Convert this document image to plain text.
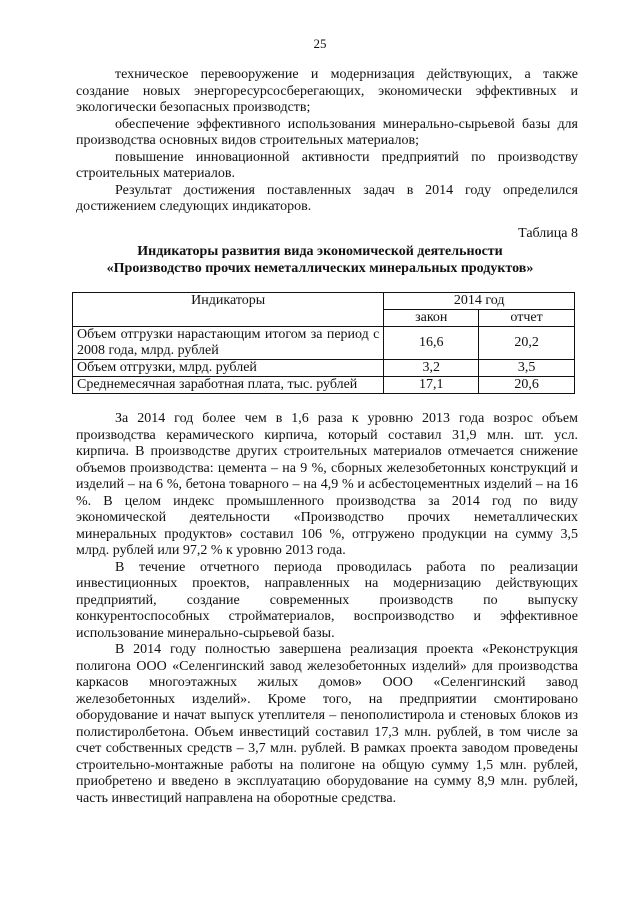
25

техническое перевооружение и модернизация действующих, а также создание новых энергоресурсосберегающих, экономически эффективных и экологически безопасных производств;

обеспечение эффективного использования минерально-сырьевой базы для производства основных видов строительных материалов;

повышение инновационной активности предприятий по производству строительных материалов.

Результат достижения поставленных задач в 2014 году определился достижением следующих индикаторов.

Таблица 8
Индикаторы развития вида экономической деятельности
«Производство прочих неметаллических минеральных продуктов»
Индикаторы	2014 год	
	закон	отчет
Объем отгрузки нарастающим итогом за период с 2008 года, млрд. рублей	16,6	20,2
Объем отгрузки, млрд. рублей	3,2	3,5
Среднемесячная заработная плата, тыс. рублей	17,1	20,6

За 2014 год более чем в 1,6 раза к уровню 2013 года возрос объем производства керамического кирпича, который составил 31,9 млн. шт. усл. кирпича. В производстве других строительных материалов отмечается снижение объемов производства: цемента – на 9 %, сборных железобетонных конструкций и изделий – на 6 %, бетона товарного – на 4,9 % и асбестоцементных изделий – на 16 %. В целом индекс промышленного производства за 2014 год по виду экономической деятельности «Производство прочих неметаллических минеральных продуктов» составил 106 %, отгружено продукции на сумму 3,5 млрд. рублей или 97,2 % к уровню 2013 года.

В течение отчетного периода проводилась работа по реализации инвестиционных проектов, направленных на модернизацию действующих предприятий, создание современных производств по выпуску конкурентоспособных стройматериалов, воспроизводство и эффективное использование минерально-сырьевой базы.

В 2014 году полностью завершена реализация проекта «Реконструкция полигона ООО «Селенгинский завод железобетонных изделий» для производства каркасов многоэтажных жилых домов» ООО «Селенгинский завод железобетонных изделий». Кроме того, на предприятии смонтировано оборудование и начат выпуск утеплителя – пенополистирола и стеновых блоков из полистиролбетона. Объем инвестиций составил 17,3 млн. рублей, в том числе за счет собственных средств – 3,7 млн. рублей. В рамках проекта заводом проведены строительно-монтажные работы на полигоне на общую сумму 1,5 млн. рублей, приобретено и введено в эксплуатацию оборудование на сумму 8,9 млн. рублей, часть инвестиций направлена на оборотные средства.
